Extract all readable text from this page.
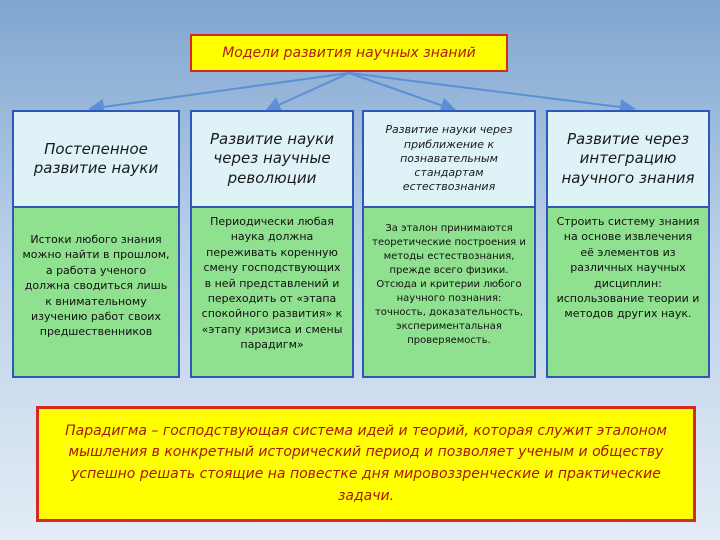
Модели развития научных знаний
Постепенное развитие науки
Развитие науки через научные революции
Развитие науки через приближение к познавательным стандартам естествознания
Развитие через интеграцию научного знания
Истоки любого знания можно найти в прошлом, а работа ученого должна сводиться лишь к внимательному изучению работ своих предшественников
Периодически любая наука должна переживать коренную смену господствующих в ней представлений и переходить от «этапа спокойного развития» к «этапу кризиса и смены парадигм»
За эталон принимаются теоретические построения и методы естествознания, прежде всего физики. Отсюда и критерии любого научного познания: точность, доказательность, экспериментальная проверяемость.
Строить систему знания на основе извлечения её элементов из различных научных дисциплин: использование теории и методов других наук.
Парадигма – господствующая система идей и теорий, которая служит эталоном мышления в конкретный исторический период и позволяет ученым и обществу успешно решать стоящие на повестке дня мировоззренческие и практические задачи.
